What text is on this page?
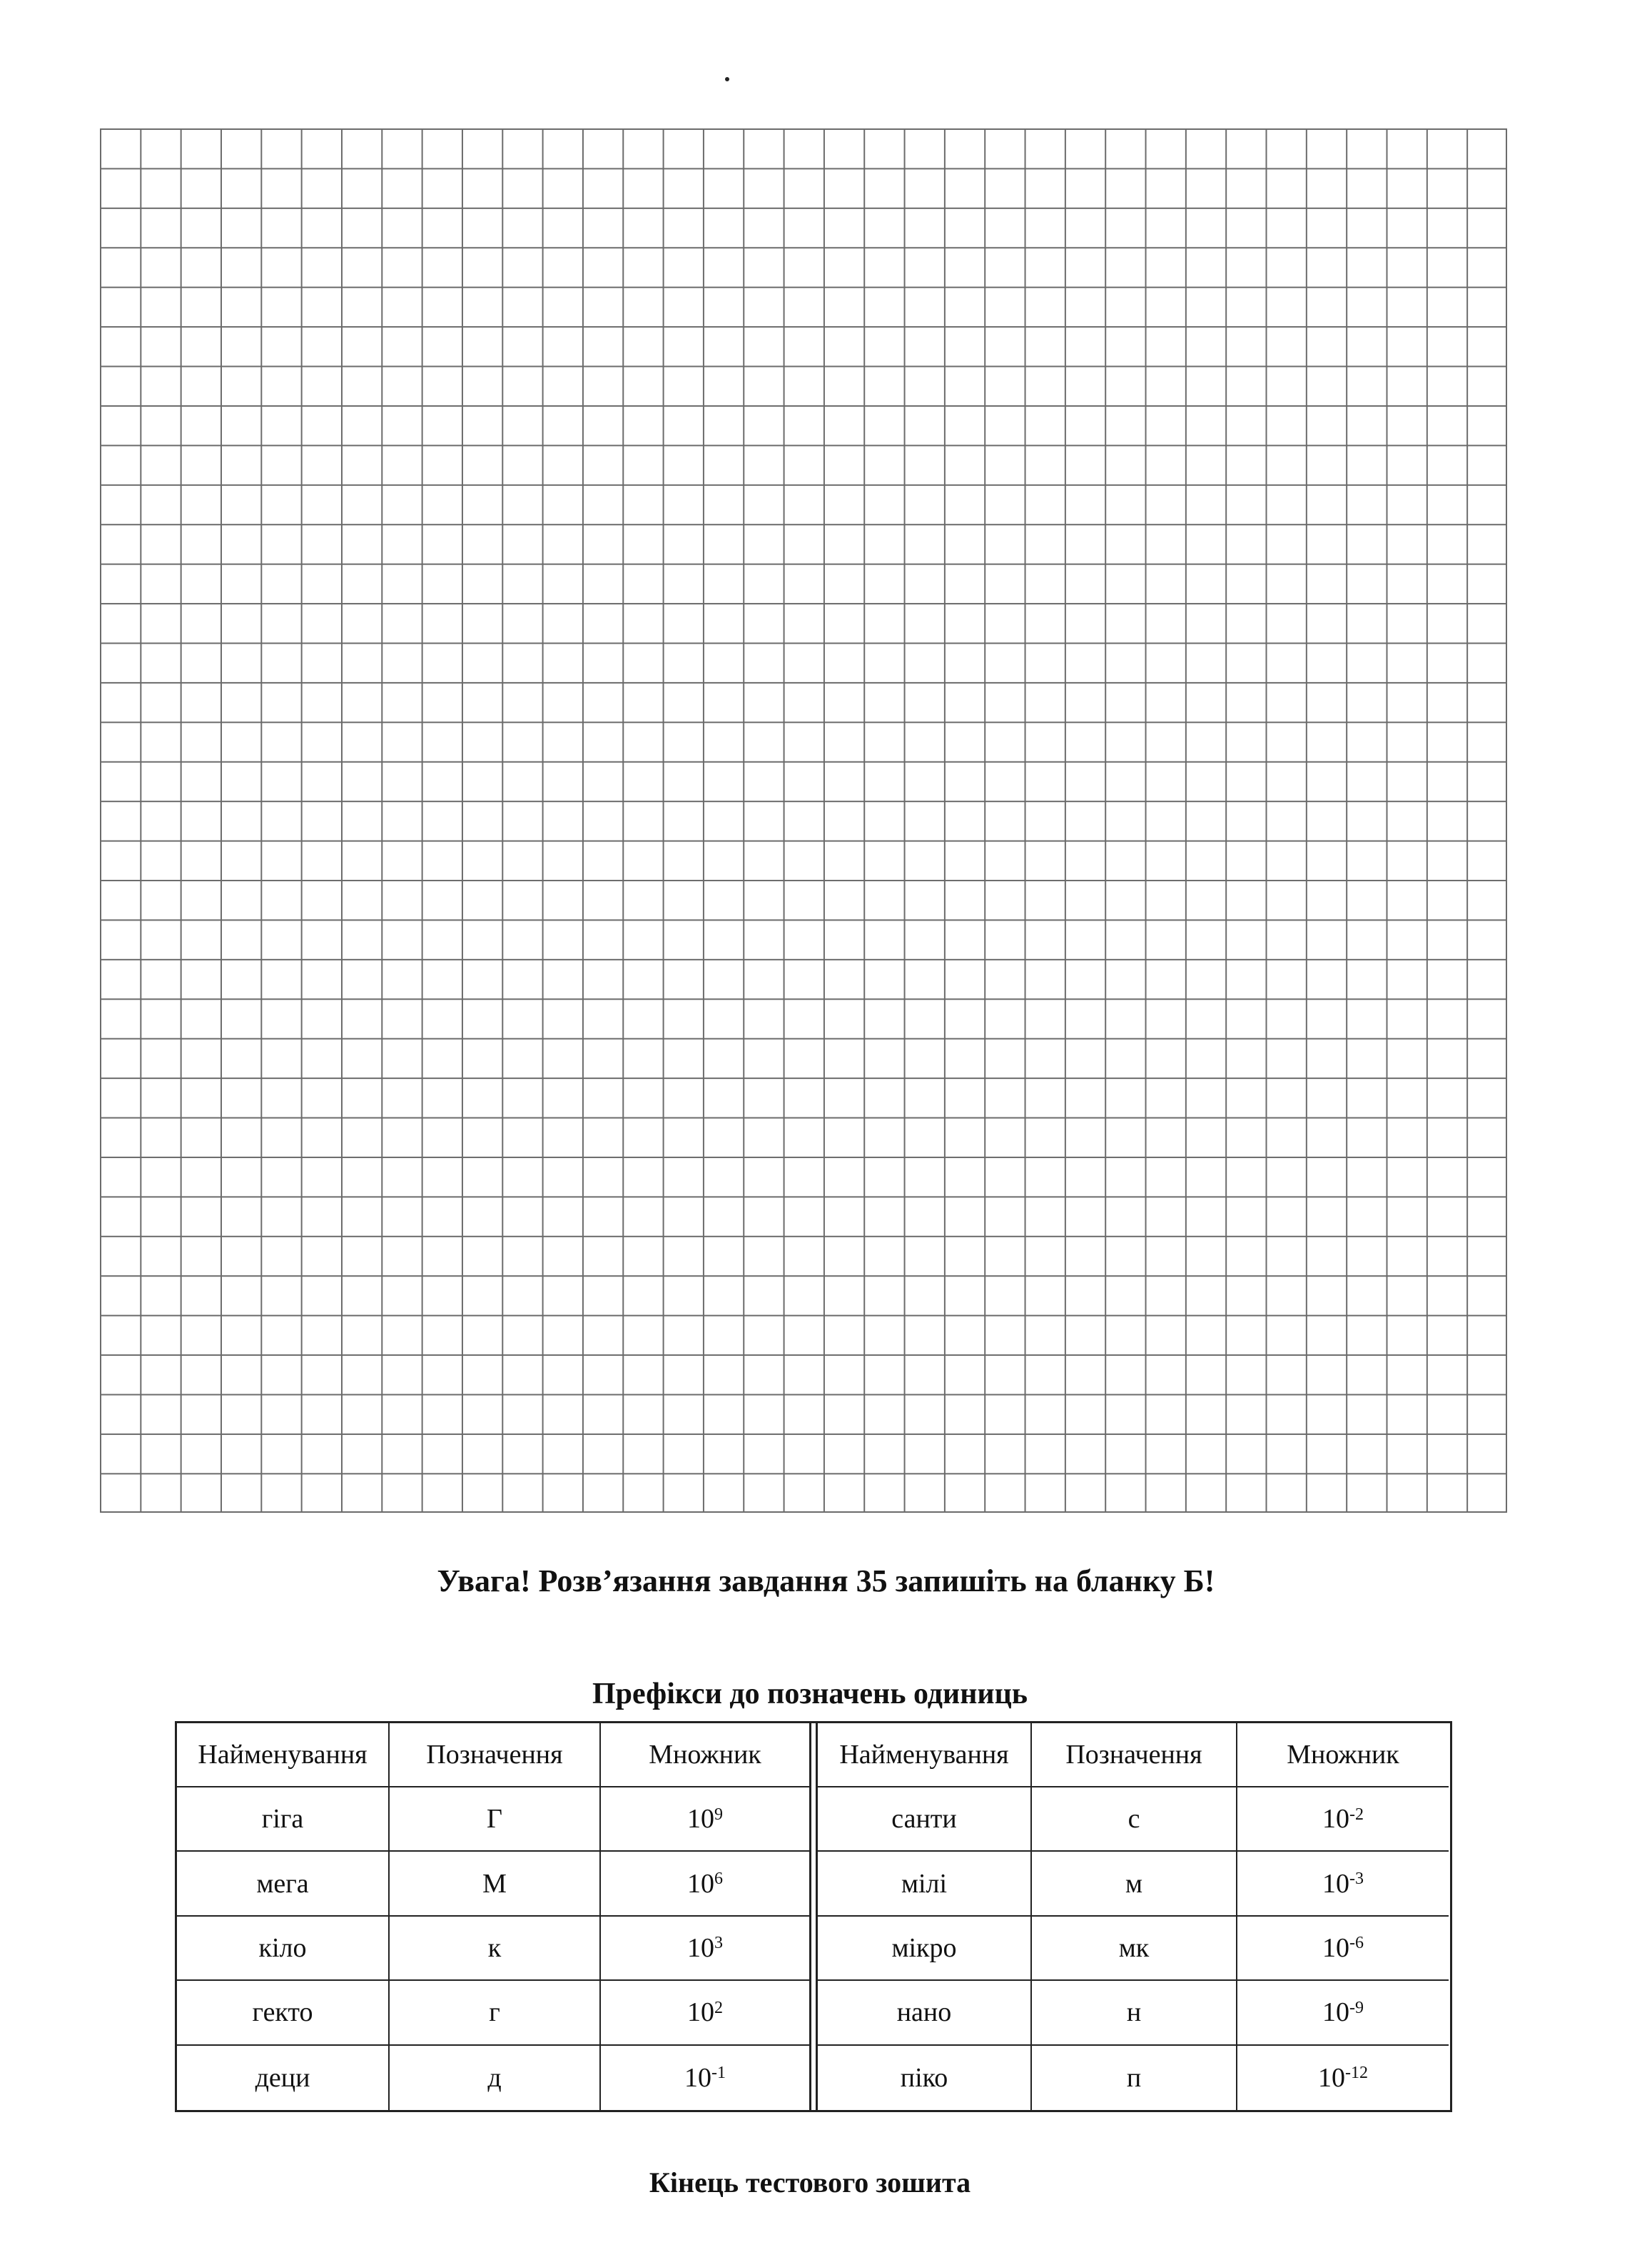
Увага! Розв’язання завдання 35 запишіть на бланку Б!
Префікси до позначень одиниць
Найменування	Позначення	Множник
гіга	Г	$10^9$
мега	М	$10^6$
кіло	к	$10^3$
гекто	г	$10^2$
деци	д	$10^{-1}$
Найменування	Позначення	Множник
санти	с	$10^{-2}$
мілі	м	$10^{-3}$
мікро	мк	$10^{-6}$
нано	н	$10^{-9}$
піко	п	$10^{-12}$
Кінець тестового зошита
